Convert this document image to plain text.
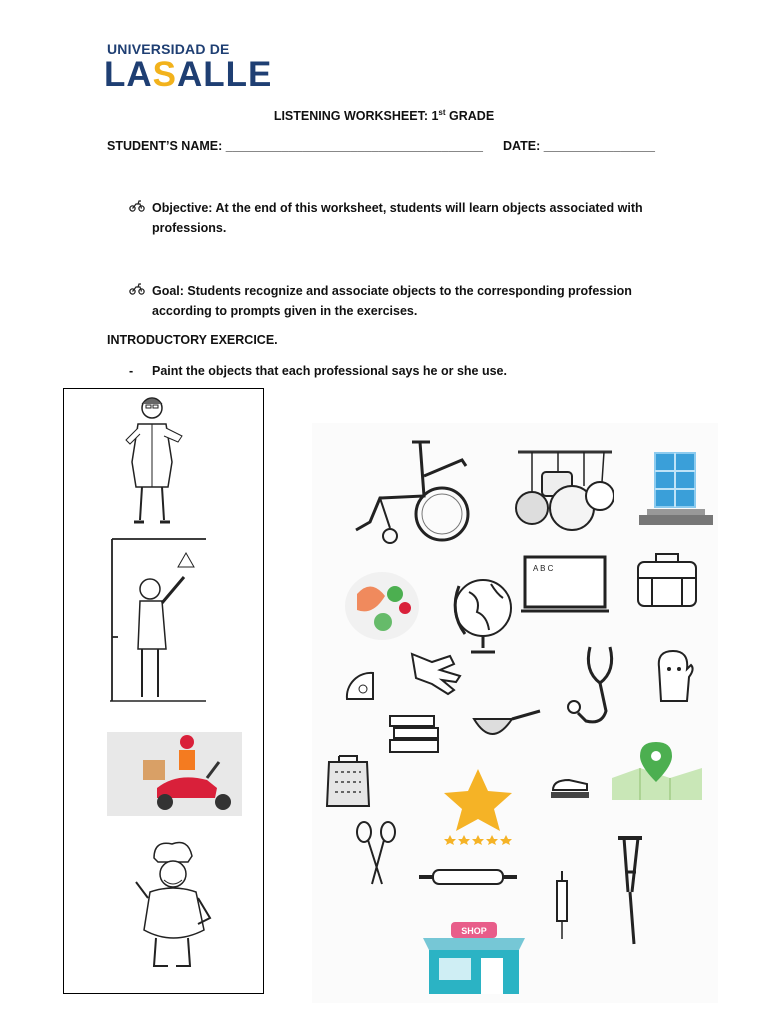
UNIVERSIDAD DE
LASALLE
LISTENING WORKSHEET: 1st GRADE
STUDENT’S NAME: _____________________________________ DATE: ________________
Objective: At the end of this worksheet, students will learn objects associated with
professions.
Goal: Students recognize and associate objects to the corresponding profession
according to prompts given in the exercises.
INTRODUCTORY EXERCICE.
- Paint the objects that each professional says he or she use.
A B C
SHOP
